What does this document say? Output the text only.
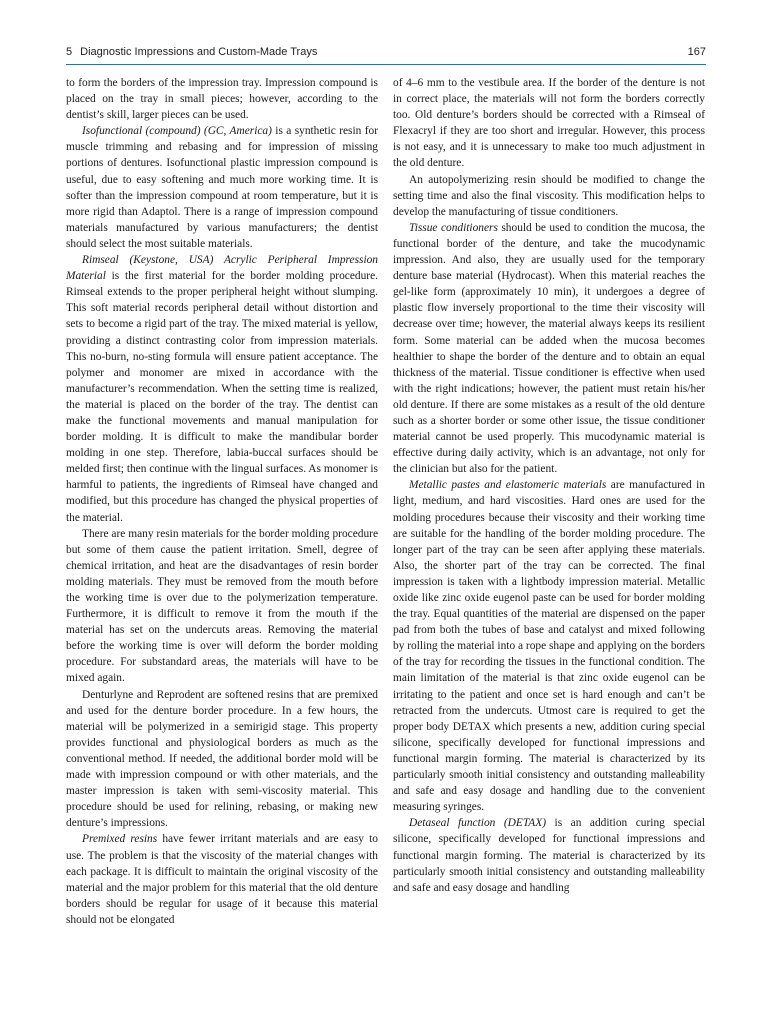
5 Diagnostic Impressions and Custom-Made Trays	167

to form the borders of the impression tray. Impression compound is placed on the tray in small pieces; however, according to the dentist’s skill, larger pieces can be used.

Isofunctional (compound) (GC, America) is a synthetic resin for muscle trimming and rebasing and for impression of missing portions of dentures. Isofunctional plastic impression compound is useful, due to easy softening and much more working time. It is softer than the impression compound at room temperature, but it is more rigid than Adaptol. There is a range of impression compound materials manufactured by various manufacturers; the dentist should select the most suitable materials.

Rimseal (Keystone, USA) Acrylic Peripheral Impression Material is the first material for the border molding procedure. Rimseal extends to the proper peripheral height without slumping. This soft material records peripheral detail without distortion and sets to become a rigid part of the tray. The mixed material is yellow, providing a distinct contrasting color from impression materials. This no-burn, no-sting formula will ensure patient acceptance. The polymer and monomer are mixed in accordance with the manufacturer’s recommendation. When the setting time is realized, the material is placed on the border of the tray. The dentist can make the functional movements and manual manipulation for border molding. It is difficult to make the mandibular border molding in one step. Therefore, labia-buccal surfaces should be melded first; then continue with the lingual surfaces. As monomer is harmful to patients, the ingredients of Rimseal have changed and modified, but this procedure has changed the physical properties of the material.

There are many resin materials for the border molding procedure but some of them cause the patient irritation. Smell, degree of chemical irritation, and heat are the disadvantages of resin border molding materials. They must be removed from the mouth before the working time is over due to the polymerization temperature. Furthermore, it is difficult to remove it from the mouth if the material has set on the undercuts areas. Removing the material before the working time is over will deform the border molding procedure. For substandard areas, the materials will have to be mixed again.

Denturlyne and Reprodent are softened resins that are premixed and used for the denture border procedure. In a few hours, the material will be polymerized in a semirigid stage. This property provides functional and physiological borders as much as the conventional method. If needed, the additional border mold will be made with impression compound or with other materials, and the master impression is taken with semi-viscosity material. This procedure should be used for relining, rebasing, or making new denture’s impressions.

Premixed resins have fewer irritant materials and are easy to use. The problem is that the viscosity of the material changes with each package. It is difficult to maintain the original viscosity of the material and the major problem for this material that the old denture borders should be regular for usage of it because this material should not be elongated

of 4–6 mm to the vestibule area. If the border of the denture is not in correct place, the materials will not form the borders correctly too. Old denture’s borders should be corrected with a Rimseal of Flexacryl if they are too short and irregular. However, this process is not easy, and it is unnecessary to make too much adjustment in the old denture.

An autopolymerizing resin should be modified to change the setting time and also the final viscosity. This modification helps to develop the manufacturing of tissue conditioners.

Tissue conditioners should be used to condition the mucosa, the functional border of the denture, and take the mucodynamic impression. And also, they are usually used for the temporary denture base material (Hydrocast). When this material reaches the gel-like form (approximately 10 min), it undergoes a degree of plastic flow inversely proportional to the time their viscosity will decrease over time; however, the material always keeps its resilient form. Some material can be added when the mucosa becomes healthier to shape the border of the denture and to obtain an equal thickness of the material. Tissue conditioner is effective when used with the right indications; however, the patient must retain his/her old denture. If there are some mistakes as a result of the old denture such as a shorter border or some other issue, the tissue conditioner material cannot be used properly. This mucodynamic material is effective during daily activity, which is an advantage, not only for the clinician but also for the patient.

Metallic pastes and elastomeric materials are manufactured in light, medium, and hard viscosities. Hard ones are used for the molding procedures because their viscosity and their working time are suitable for the handling of the border molding procedure. The longer part of the tray can be seen after applying these materials. Also, the shorter part of the tray can be corrected. The final impression is taken with a lightbody impression material. Metallic oxide like zinc oxide eugenol paste can be used for border molding the tray. Equal quantities of the material are dispensed on the paper pad from both the tubes of base and catalyst and mixed following by rolling the material into a rope shape and applying on the borders of the tray for recording the tissues in the functional condition. The main limitation of the material is that zinc oxide eugenol can be irritating to the patient and once set is hard enough and can’t be retracted from the undercuts. Utmost care is required to get the proper body DETAX which presents a new, addition curing special silicone, specifically developed for functional impressions and functional margin forming. The material is characterized by its particularly smooth initial consistency and outstanding malleability and safe and easy dosage and handling due to the convenient measuring syringes.

Detaseal function (DETAX) is an addition curing special silicone, specifically developed for functional impressions and functional margin forming. The material is characterized by its particularly smooth initial consistency and outstanding malleability and safe and easy dosage and handling
